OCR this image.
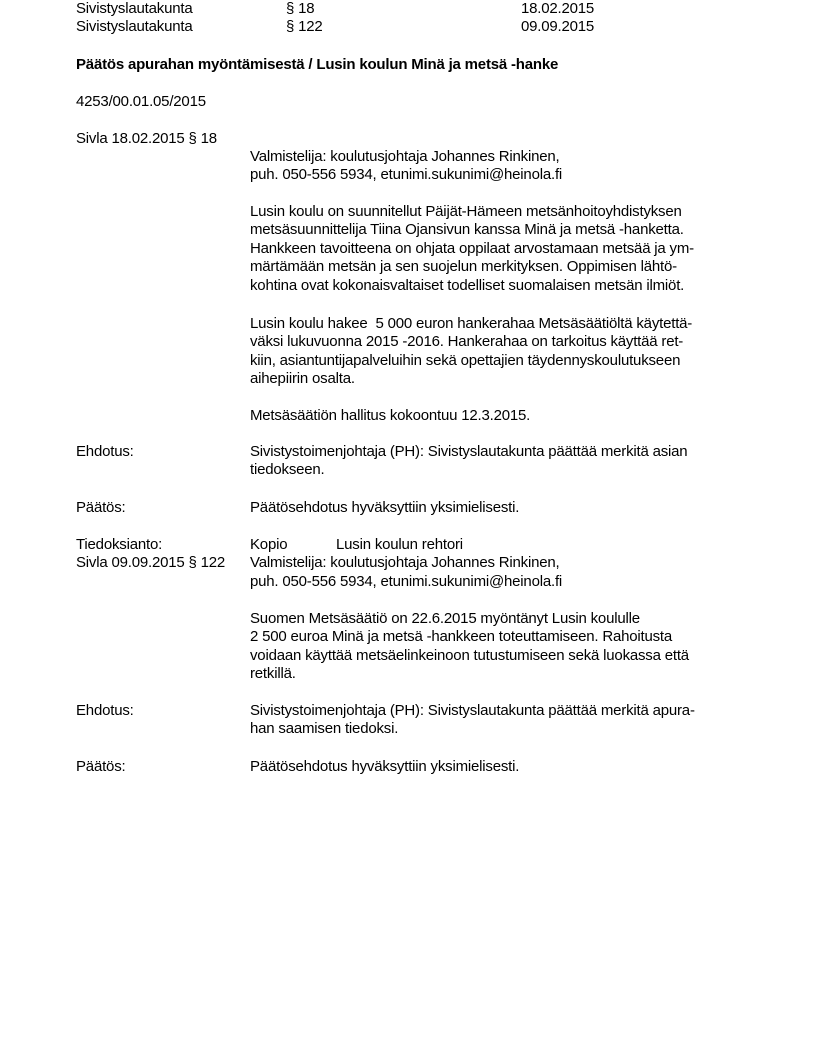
Sivistyslautakunta	§ 18	18.02.2015
Sivistyslautakunta	§ 122	09.09.2015
Päätös apurahan myöntämisestä / Lusin koulun Minä ja metsä -hanke
4253/00.01.05/2015
Sivla 18.02.2015 § 18
Valmistelija: koulutusjohtaja Johannes Rinkinen,
puh. 050-556 5934, etunimi.sukunimi@heinola.fi
Lusin koulu on suunnitellut Päijät-Hämeen metsänhoitoyhdistyksen
metsäsuunnittelija Tiina Ojansivun kanssa Minä ja metsä -hanketta.
Hankkeen tavoitteena on ohjata oppilaat arvostamaan metsää ja ym-
märtämään metsän ja sen suojelun merkityksen. Oppimisen lähtö-
kohtina ovat kokonaisvaltaiset todelliset suomalaisen metsän ilmiöt.
Lusin koulu hakee  5 000 euron hankerahaa Metsäsäätiöltä käytettä-
väksi lukuvuonna 2015 -2016. Hankerahaa on tarkoitus käyttää ret-
kiin, asiantuntijapalveluihin sekä opettajien täydennyskoulutukseen
aihepiirin osalta.
Metsäsäätiön hallitus kokoontuu 12.3.2015.
Ehdotus:	Sivistystoimenjohtaja (PH): Sivistyslautakunta päättää merkitä asian
tiedokseen.
Päätös:	Päätösehdotus hyväksyttiin yksimielisesti.
Tiedoksianto:	Kopio	Lusin koulun rehtori
Sivla 09.09.2015 § 122 Valmistelija: koulutusjohtaja Johannes Rinkinen,
puh. 050-556 5934, etunimi.sukunimi@heinola.fi
Suomen Metsäsäätiö on 22.6.2015 myöntänyt Lusin koululle
2 500 euroa Minä ja metsä -hankkeen toteuttamiseen. Rahoitusta
voidaan käyttää metsäelinkeinoon tutustumiseen sekä luokassa että
retkillä.
Ehdotus:	Sivistystoimenjohtaja (PH): Sivistyslautakunta päättää merkitä apura-
han saamisen tiedoksi.
Päätös:	Päätösehdotus hyväksyttiin yksimielisesti.
